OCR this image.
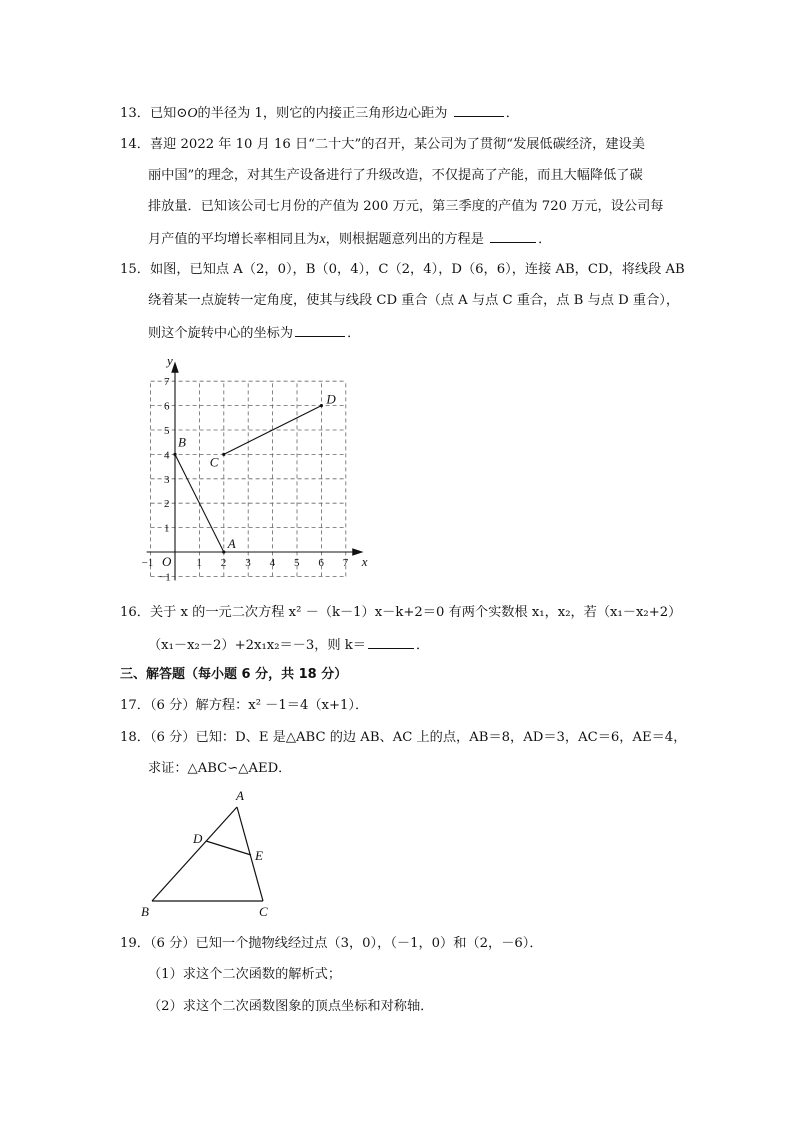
13．已知⊙O的半径为 1，则它的内接正三角形边心距为	．
14．喜迎 2022 年 10 月 16 日“二十大”的召开，某公司为了贯彻“发展低碳经济，建设美
丽中国”的理念，对其生产设备进行了升级改造，不仅提高了产能，而且大幅降低了碳
排放量．已知该公司七月份的产值为 200 万元，第三季度的产值为 720 万元，设公司每
月产值的平均增长率相同且为x，则根据题意列出的方程是	．
15．如图，已知点 A（2，0），B（0，4），C（2，4），D（6，6），连接 AB，CD，将线段 AB
绕着某一点旋转一定角度，使其与线段 CD 重合（点 A 与点 C 重合，点 B 与点 D 重合），
则这个旋转中心的坐标为	．
−1	1 2 3 4 5 6 7
−1
1
2
3
4
5
6
7
O	x
y
A
B
C
D
16．关于 x 的一元二次方程 x² －（k－1）x－k+2＝0 有两个实数根 x₁，x₂，若（x₁－x₂+2）
（x₁－x₂－2）+2x₁x₂＝－3，则 k＝	．
三、解答题（每小题 6 分，共 18 分）
17．（6 分）解方程：x² －1＝4（x+1）．
18．（6 分）已知：D、E 是△ABC 的边 AB、AC 上的点，AB＝8，AD＝3，AC＝6，AE＝4，
求证：△ABC∽△AED．
A
B	C
D
E
19．（6 分）已知一个抛物线经过点（3，0），（－1，0）和（2，－6）．
（1）求这个二次函数的解析式；
（2）求这个二次函数图象的顶点坐标和对称轴．
